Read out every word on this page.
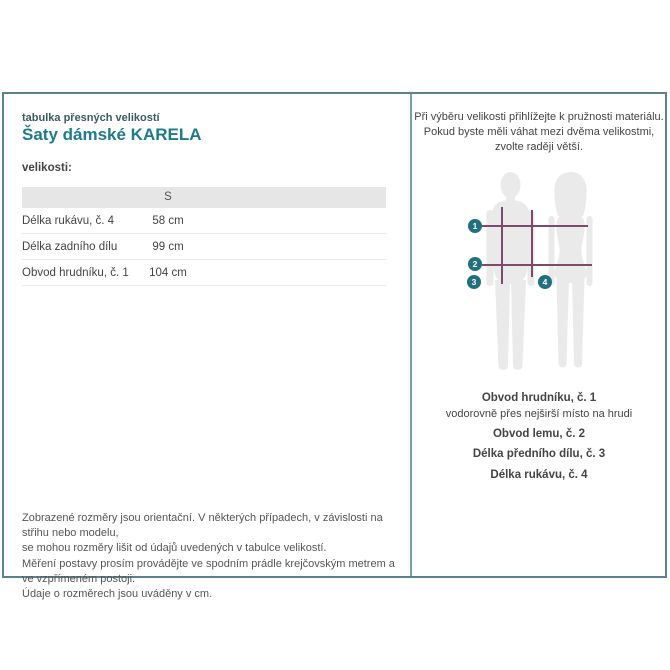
tabulka přesných velikostí
Šaty dámské KARELA
velikosti:
S
Délka rukávu, č. 4	58 cm
Délka zadního dílu	99 cm
Obvod hrudníku, č. 1	104 cm
Zobrazené rozměry jsou orientační. V některých případech, v závislosti na střihu nebo modelu,
se mohou rozměry lišit od údajů uvedených v tabulce velikostí.
Měření postavy prosím provádějte ve spodním prádle krejčovským metrem a ve vzpřímeném postoji.
Údaje o rozměrech jsou uváděny v cm.
Při výběru velikosti přihlížejte k pružnosti materiálu.
Pokud byste měli váhat mezi dvěma velikostmi,
zvolte raději větší.
1
2
3	4
Obvod hrudníku, č. 1
vodorovně přes nejširší místo na hrudi
Obvod lemu, č. 2
Délka předního dílu, č. 3
Délka rukávu, č. 4
